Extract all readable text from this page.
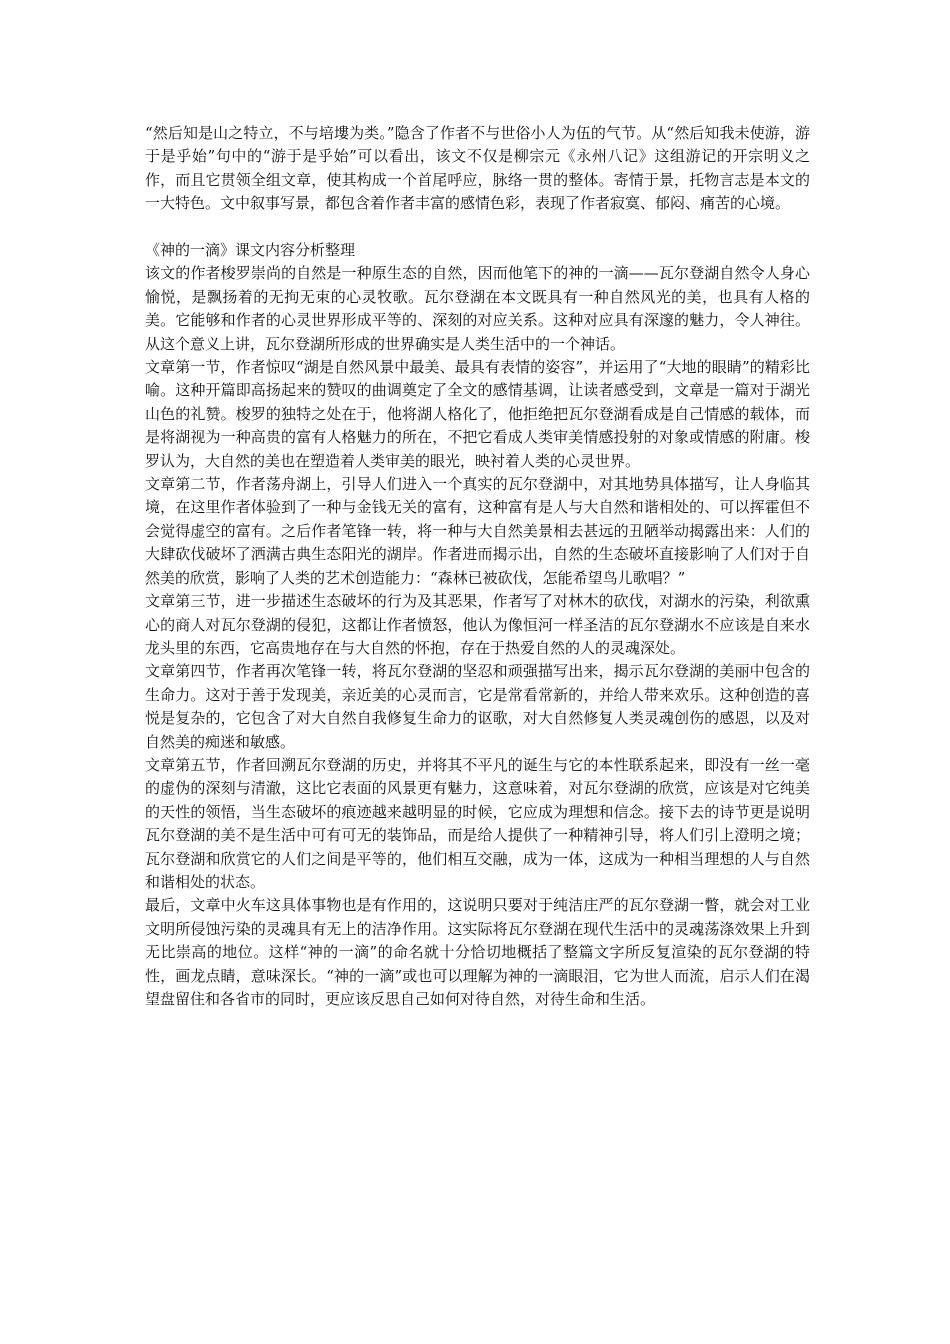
“然后知是山之特立，不与培塿为类。”隐含了作者不与世俗小人为伍的气节。从“然后知我未使游，游于是乎始”句中的“游于是乎始”可以看出，该文不仅是柳宗元《永州八记》这组游记的开宗明义之作，而且它贯领全组文章，使其构成一个首尾呼应，脉络一贯的整体。寄情于景，托物言志是本文的一大特色。文中叙事写景，都包含着作者丰富的感情色彩，表现了作者寂寞、郁闷、痛苦的心境。

《神的一滴》课文内容分析整理

该文的作者梭罗崇尚的自然是一种原生态的自然，因而他笔下的神的一滴——瓦尔登湖自然令人身心愉悦，是飘扬着的无拘无束的心灵牧歌。瓦尔登湖在本文既具有一种自然风光的美，也具有人格的美。它能够和作者的心灵世界形成平等的、深刻的对应关系。这种对应具有深邃的魅力，令人神往。从这个意义上讲，瓦尔登湖所形成的世界确实是人类生活中的一个神话。

文章第一节，作者惊叹“湖是自然风景中最美、最具有表情的姿容”，并运用了“大地的眼睛”的精彩比喻。这种开篇即高扬起来的赞叹的曲调奠定了全文的感情基调，让读者感受到，文章是一篇对于湖光山色的礼赞。梭罗的独特之处在于，他将湖人格化了，他拒绝把瓦尔登湖看成是自己情感的载体，而是将湖视为一种高贵的富有人格魅力的所在，不把它看成人类审美情感投射的对象或情感的附庸。梭罗认为，大自然的美也在塑造着人类审美的眼光，映衬着人类的心灵世界。

文章第二节，作者荡舟湖上，引导人们进入一个真实的瓦尔登湖中，对其地势具体描写，让人身临其境，在这里作者体验到了一种与金钱无关的富有，这种富有是人与大自然和谐相处的、可以挥霍但不会觉得虚空的富有。之后作者笔锋一转，将一种与大自然美景相去甚远的丑陋举动揭露出来：人们的大肆砍伐破坏了洒满古典生态阳光的湖岸。作者进而揭示出，自然的生态破坏直接影响了人们对于自然美的欣赏，影响了人类的艺术创造能力：“森林已被砍伐，怎能希望鸟儿歌唱？”

文章第三节，进一步描述生态破坏的行为及其恶果，作者写了对林木的砍伐，对湖水的污染，利欲熏心的商人对瓦尔登湖的侵犯，这都让作者愤怒，他认为像恒河一样圣洁的瓦尔登湖水不应该是自来水龙头里的东西，它高贵地存在与大自然的怀抱，存在于热爱自然的人的灵魂深处。

文章第四节，作者再次笔锋一转，将瓦尔登湖的坚忍和顽强描写出来，揭示瓦尔登湖的美丽中包含的生命力。这对于善于发现美，亲近美的心灵而言，它是常看常新的，并给人带来欢乐。这种创造的喜悦是复杂的，它包含了对大自然自我修复生命力的讴歌，对大自然修复人类灵魂创伤的感恩，以及对自然美的痴迷和敏感。

文章第五节，作者回溯瓦尔登湖的历史，并将其不平凡的诞生与它的本性联系起来，即没有一丝一毫的虚伪的深刻与清澈，这比它表面的风景更有魅力，这意味着，对瓦尔登湖的欣赏，应该是对它纯美的天性的领悟，当生态破坏的痕迹越来越明显的时候，它应成为理想和信念。接下去的诗节更是说明瓦尔登湖的美不是生活中可有可无的装饰品，而是给人提供了一种精神引导，将人们引上澄明之境；瓦尔登湖和欣赏它的人们之间是平等的，他们相互交融，成为一体，这成为一种相当理想的人与自然和谐相处的状态。

最后，文章中火车这具体事物也是有作用的，这说明只要对于纯洁庄严的瓦尔登湖一瞥，就会对工业文明所侵蚀污染的灵魂具有无上的洁净作用。这实际将瓦尔登湖在现代生活中的灵魂荡涤效果上升到无比崇高的地位。这样“神的一滴”的命名就十分恰切地概括了整篇文字所反复渲染的瓦尔登湖的特性，画龙点睛，意味深长。“神的一滴”或也可以理解为神的一滴眼泪，它为世人而流，启示人们在渴望盘留住和各省市的同时，更应该反思自己如何对待自然，对待生命和生活。
